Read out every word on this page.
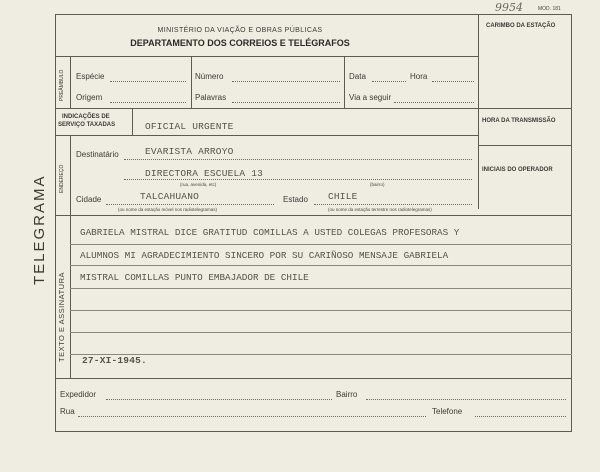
9954	MOD. 181
TELEGRAMA
MINISTÉRIO DA VIAÇÃO E OBRAS PÚBLICAS
DEPARTAMENTO DOS CORREIOS E TELÉGRAFOS
CARIMBO DA ESTAÇÃO
PREÂMBULO Espécie	Número	Data	Hora
Origem	Palavras	Via a seguir
INDICAÇÕES DE
SERVIÇO TAXADAS	OFICIAL URGENTE	HORA DA TRANSMISSÃO
INICIAIS DO OPERADOR
ENDEREÇO
Destinatário	EVARISTA ARROYO
DIRECTORA ESCUELA 13
(rua, avenida, etc)	(bairro)
Cidade	TALCAHUANO	Estado CHILE
(ou nome da estação móvel nos radiotelegramas)	(ou nome da estação terrestre nos radiotelegramas)
TEXTO E ASSINATURA
GABRIELA MISTRAL DICE GRATITUD COMILLAS A USTED COLEGAS PROFESORAS Y
ALUMNOS MI AGRADECIMIENTO SINCERO POR SU CARIÑOSO MENSAJE GABRIELA
MISTRAL COMILLAS PUNTO EMBAJADOR DE CHILE
27-XI-1945.
Expedidor	Bairro
Rua	Telefone
